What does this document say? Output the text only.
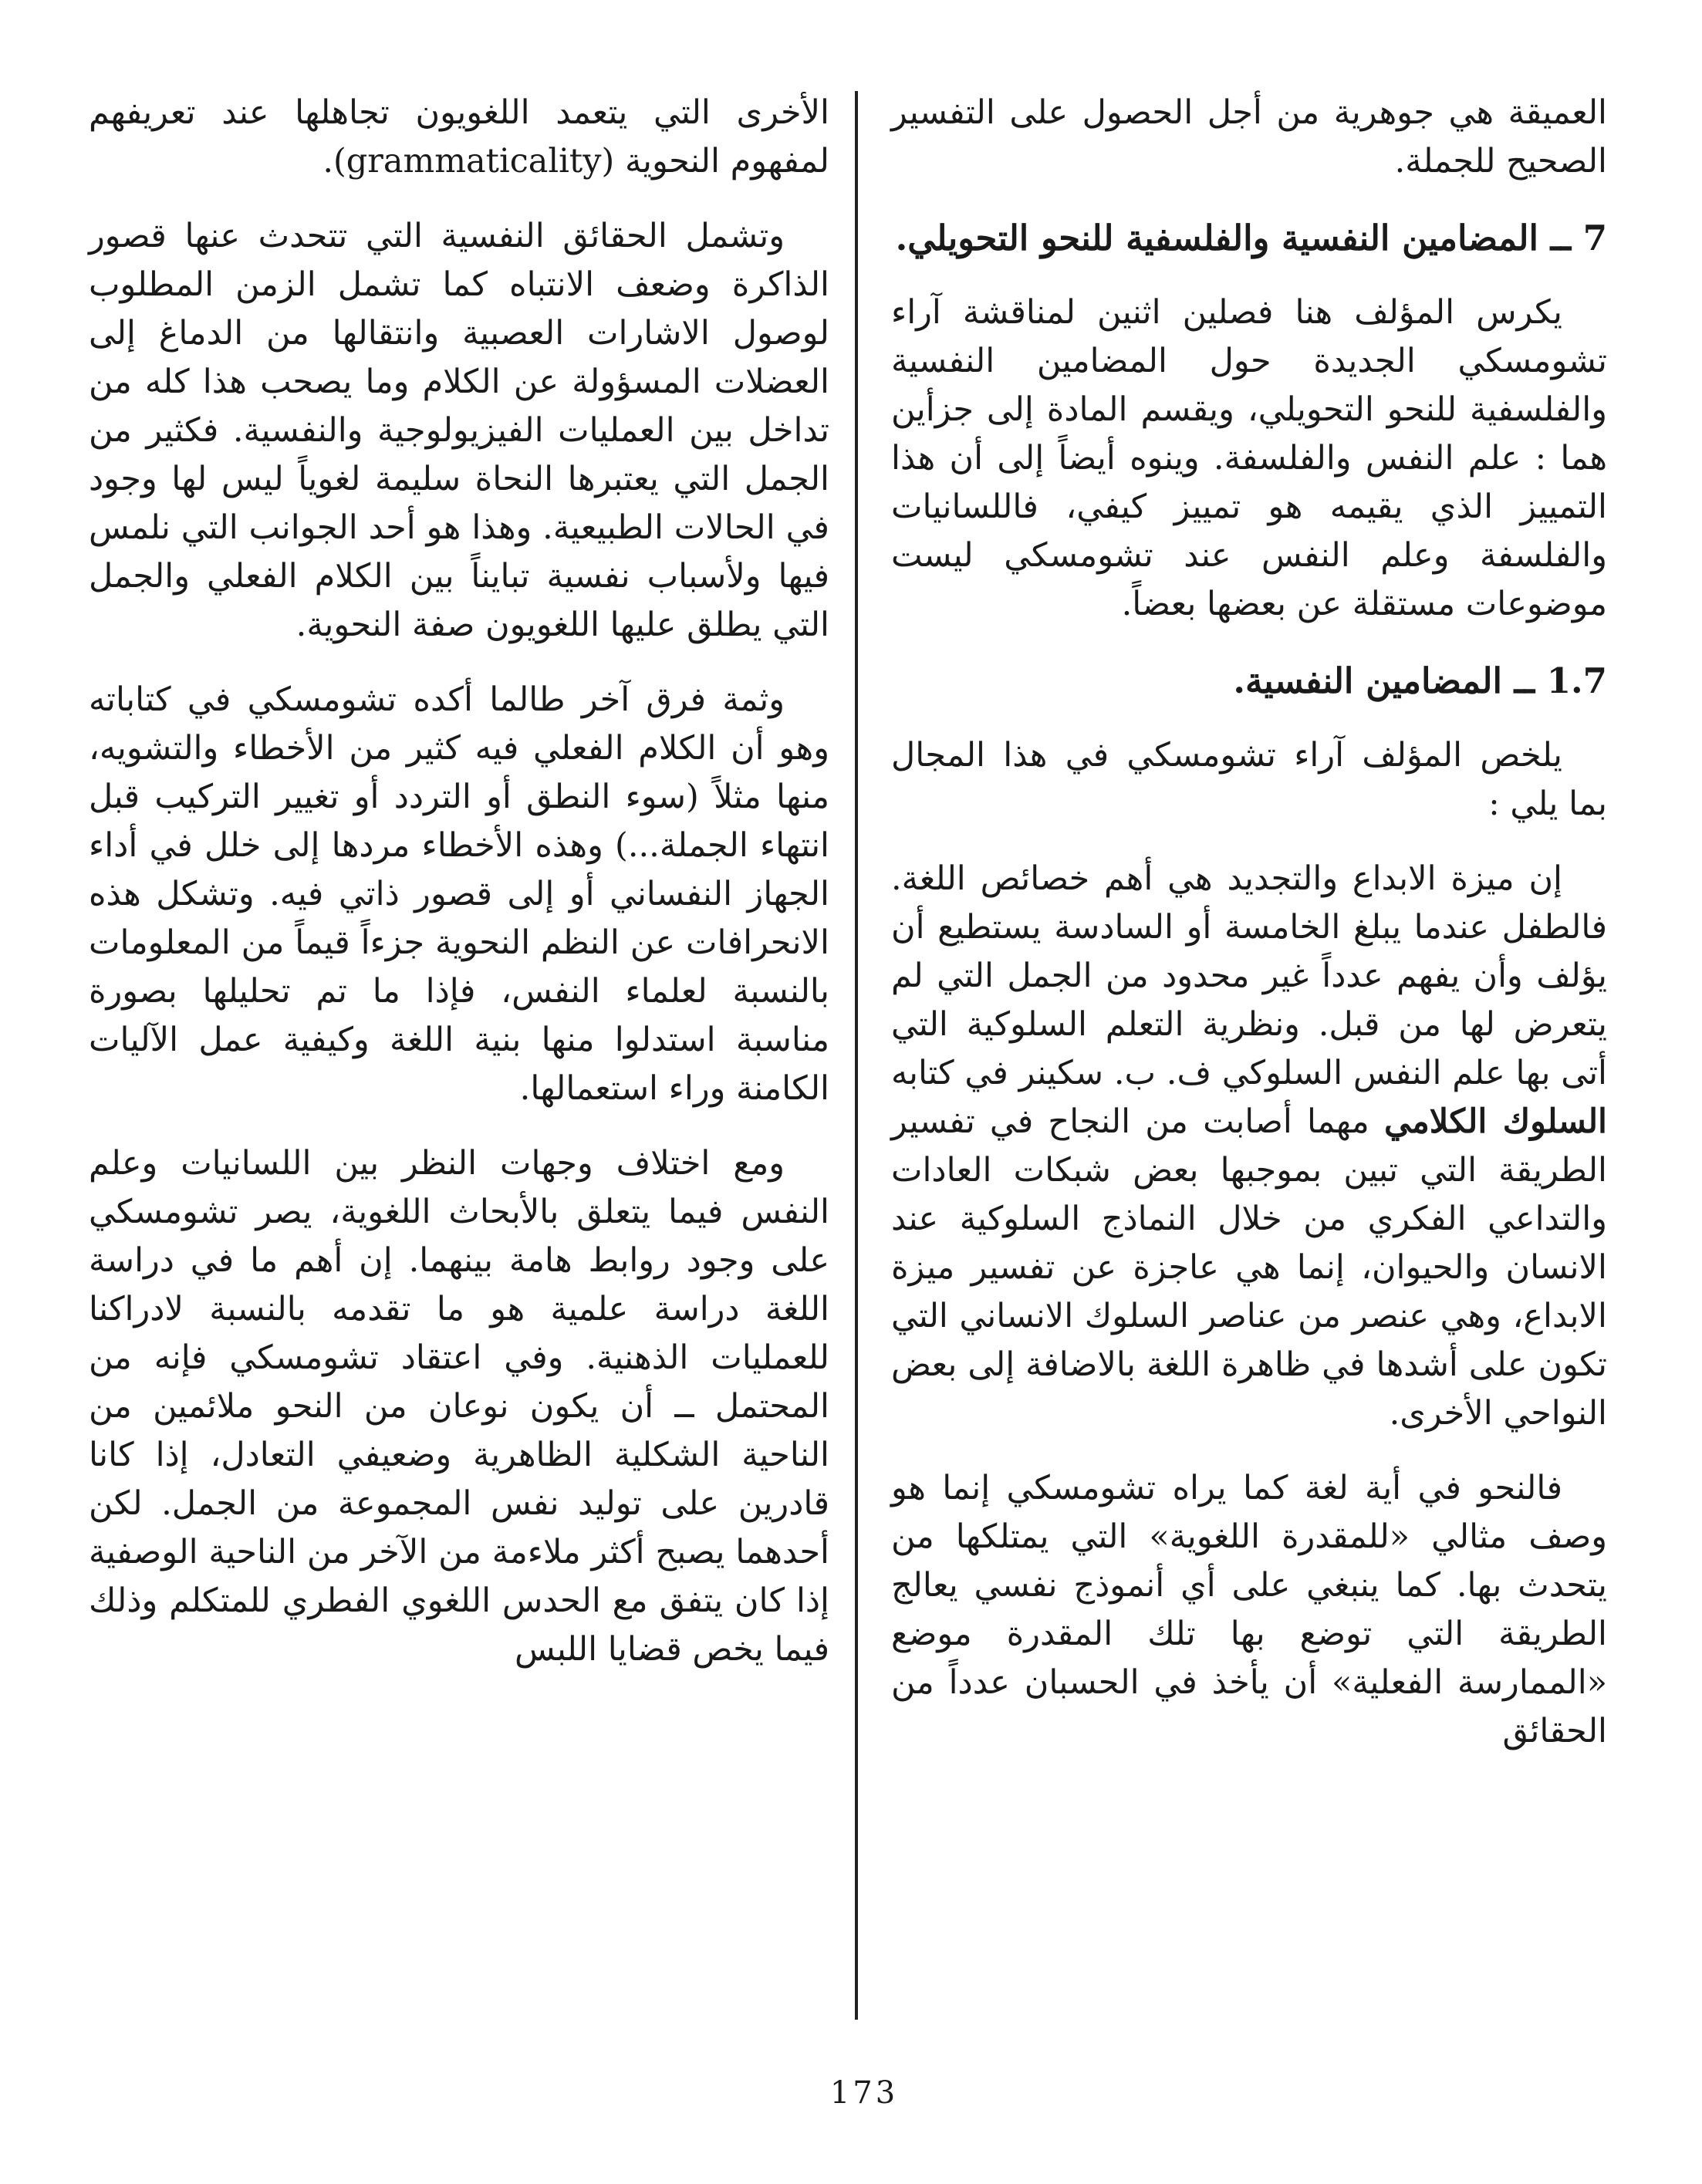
العميقة هي جوهرية من أجل الحصول على التفسير الصحيح للجملة.

7 ــ المضامين النفسية والفلسفية للنحو التحويلي.

يكرس المؤلف هنا فصلين اثنين لمناقشة آراء تشومسكي الجديدة حول المضامين النفسية والفلسفية للنحو التحويلي، ويقسم المادة إلى جزأين هما : علم النفس والفلسفة. وينوه أيضاً إلى أن هذا التمييز الذي يقيمه هو تمييز كيفي، فاللسانيات والفلسفة وعلم النفس عند تشومسكي ليست موضوعات مستقلة عن بعضها بعضاً.

1.7 ــ المضامين النفسية.

يلخص المؤلف آراء تشومسكي في هذا المجال بما يلي :

إن ميزة الابداع والتجديد هي أهم خصائص اللغة. فالطفل عندما يبلغ الخامسة أو السادسة يستطيع أن يؤلف وأن يفهم عدداً غير محدود من الجمل التي لم يتعرض لها من قبل. ونظرية التعلم السلوكية التي أتى بها علم النفس السلوكي ف. ب. سكينر في كتابه السلوك الكلامي مهما أصابت من النجاح في تفسير الطريقة التي تبين بموجبها بعض شبكات العادات والتداعي الفكري من خلال النماذج السلوكية عند الانسان والحيوان، إنما هي عاجزة عن تفسير ميزة الابداع، وهي عنصر من عناصر السلوك الانساني التي تكون على أشدها في ظاهرة اللغة بالاضافة إلى بعض النواحي الأخرى.

فالنحو في أية لغة كما يراه تشومسكي إنما هو وصف مثالي «للمقدرة اللغوية» التي يمتلكها من يتحدث بها. كما ينبغي على أي أنموذج نفسي يعالج الطريقة التي توضع بها تلك المقدرة موضع «الممارسة الفعلية» أن يأخذ في الحسبان عدداً من الحقائق

الأخرى التي يتعمد اللغويون تجاهلها عند تعريفهم لمفهوم النحوية (grammaticality).

وتشمل الحقائق النفسية التي تتحدث عنها قصور الذاكرة وضعف الانتباه كما تشمل الزمن المطلوب لوصول الاشارات العصبية وانتقالها من الدماغ إلى العضلات المسؤولة عن الكلام وما يصحب هذا كله من تداخل بين العمليات الفيزيولوجية والنفسية. فكثير من الجمل التي يعتبرها النحاة سليمة لغوياً ليس لها وجود في الحالات الطبيعية. وهذا هو أحد الجوانب التي نلمس فيها ولأسباب نفسية تبايناً بين الكلام الفعلي والجمل التي يطلق عليها اللغويون صفة النحوية.

وثمة فرق آخر طالما أكده تشومسكي في كتاباته وهو أن الكلام الفعلي فيه كثير من الأخطاء والتشويه، منها مثلاً (سوء النطق أو التردد أو تغيير التركيب قبل انتهاء الجملة...) وهذه الأخطاء مردها إلى خلل في أداء الجهاز النفساني أو إلى قصور ذاتي فيه. وتشكل هذه الانحرافات عن النظم النحوية جزءاً قيماً من المعلومات بالنسبة لعلماء النفس، فإذا ما تم تحليلها بصورة مناسبة استدلوا منها بنية اللغة وكيفية عمل الآليات الكامنة وراء استعمالها.

ومع اختلاف وجهات النظر بين اللسانيات وعلم النفس فيما يتعلق بالأبحاث اللغوية، يصر تشومسكي على وجود روابط هامة بينهما. إن أهم ما في دراسة اللغة دراسة علمية هو ما تقدمه بالنسبة لادراكنا للعمليات الذهنية. وفي اعتقاد تشومسكي فإنه من المحتمل ــ أن يكون نوعان من النحو ملائمين من الناحية الشكلية الظاهرية وضعيفي التعادل، إذا كانا قادرين على توليد نفس المجموعة من الجمل. لكن أحدهما يصبح أكثر ملاءمة من الآخر من الناحية الوصفية إذا كان يتفق مع الحدس اللغوي الفطري للمتكلم وذلك فيما يخص قضايا اللبس

173
